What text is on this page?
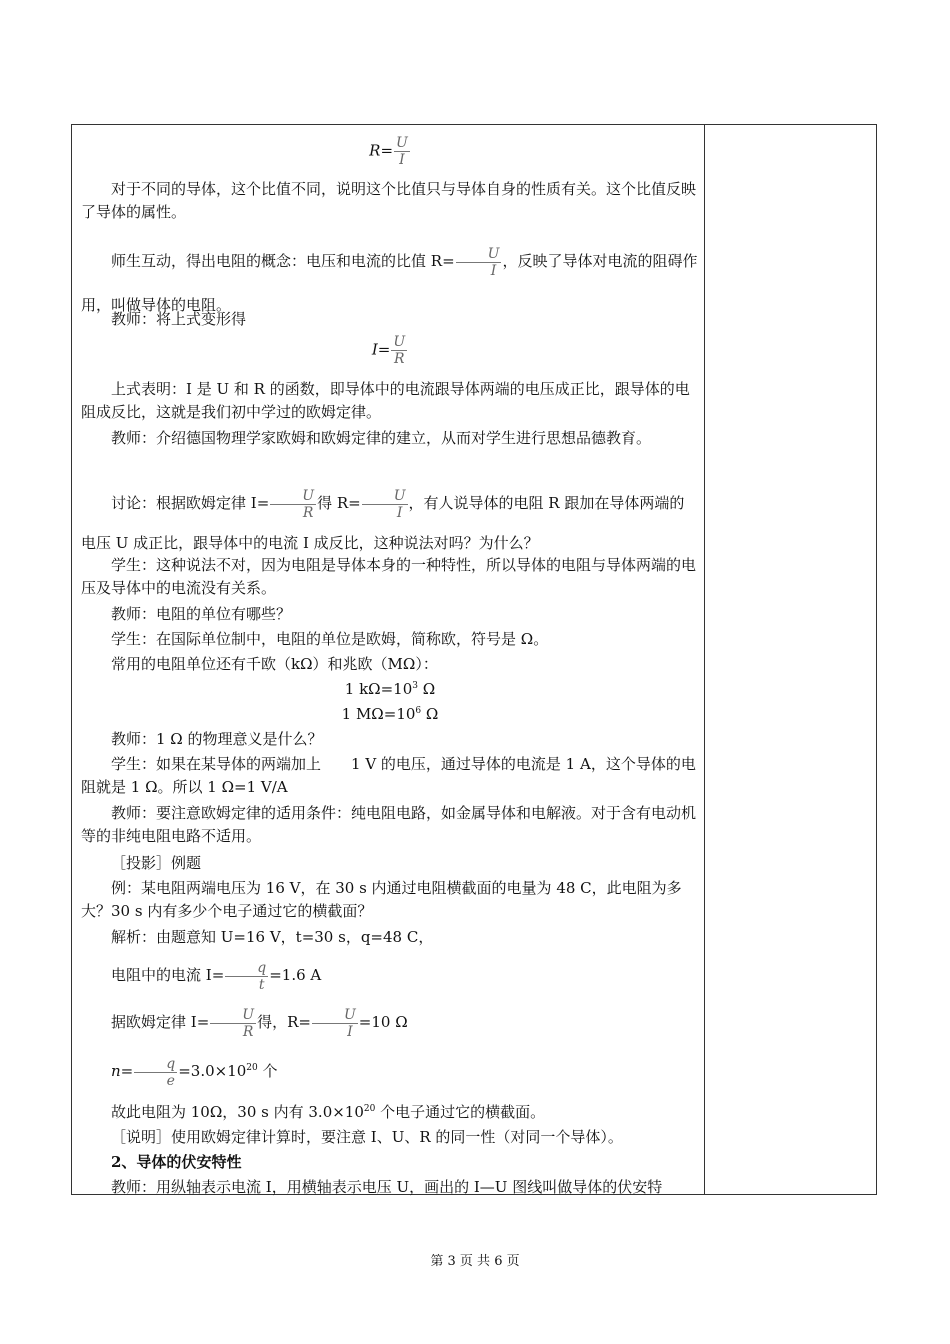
$R= \frac{U}{I}$
对于不同的导体，这个比值不同，说明这个比值只与导体自身的性质有关。这个比值反映了导体的属性。
师生互动，得出电阻的概念：电压和电流的比值 $R= \frac{U}{I}$ ，反映了导体对电流的阻碍作用，叫做导体的电阻。
教师：将上式变形得
$I= \frac{U}{R}$
上式表明：I 是 U 和 R 的函数，即导体中的电流跟导体两端的电压成正比，跟导体的电阻成反比，这就是我们初中学过的欧姆定律。
教师：介绍德国物理学家欧姆和欧姆定律的建立，从而对学生进行思想品德教育。
讨论：根据欧姆定律 $I= \frac{U}{R}$ 得 $R= \frac{U}{I}$ ，有人说导体的电阻 R 跟加在导体两端的电压 U 成正比，跟导体中的电流 I 成反比，这种说法对吗？为什么？
学生：这种说法不对，因为电阻是导体本身的一种特性，所以导体的电阻与导体两端的电压及导体中的电流没有关系。
教师：电阻的单位有哪些？
学生：在国际单位制中，电阻的单位是欧姆，简称欧，符号是 Ω。
常用的电阻单位还有千欧（kΩ）和兆欧（MΩ）：
1 $k\Omega=10^3$ Ω
1 $M\Omega=10^6$ Ω
教师：1 Ω 的物理意义是什么？
学生：如果在某导体的两端加上　　1 V 的电压，通过导体的电流是 1 A，这个导体的电阻就是 1 Ω。所以 1 Ω=1 V/A
教师：要注意欧姆定律的适用条件：纯电阻电路，如金属导体和电解液。对于含有电动机等的非纯电阻电路不适用。
［投影］例题
例：某电阻两端电压为 16 V，在 30 s 内通过电阻横截面的电量为 48 C，此电阻为多大？30 s 内有多少个电子通过它的横截面？
解析：由题意知 U=16 V，t=30 s，q=48 C，
电阻中的电流 $I= \frac{q}{t} =1.6$ A
据欧姆定律 $I= \frac{U}{R}$ 得，$R= \frac{U}{I} =10$ Ω
$n= \frac{q}{e} =3.0\times 10^{20}$ 个
故此电阻为 10Ω，30 s 内有 $3.0\times 10^{20}$ 个电子通过它的横截面。
［说明］使用欧姆定律计算时，要注意 I、U、R 的同一性（对同一个导体）。
2、导体的伏安特性
教师：用纵轴表示电流 I，用横轴表示电压 U，画出的 I—U 图线叫做导体的伏安特
第 3 页 共 6 页
